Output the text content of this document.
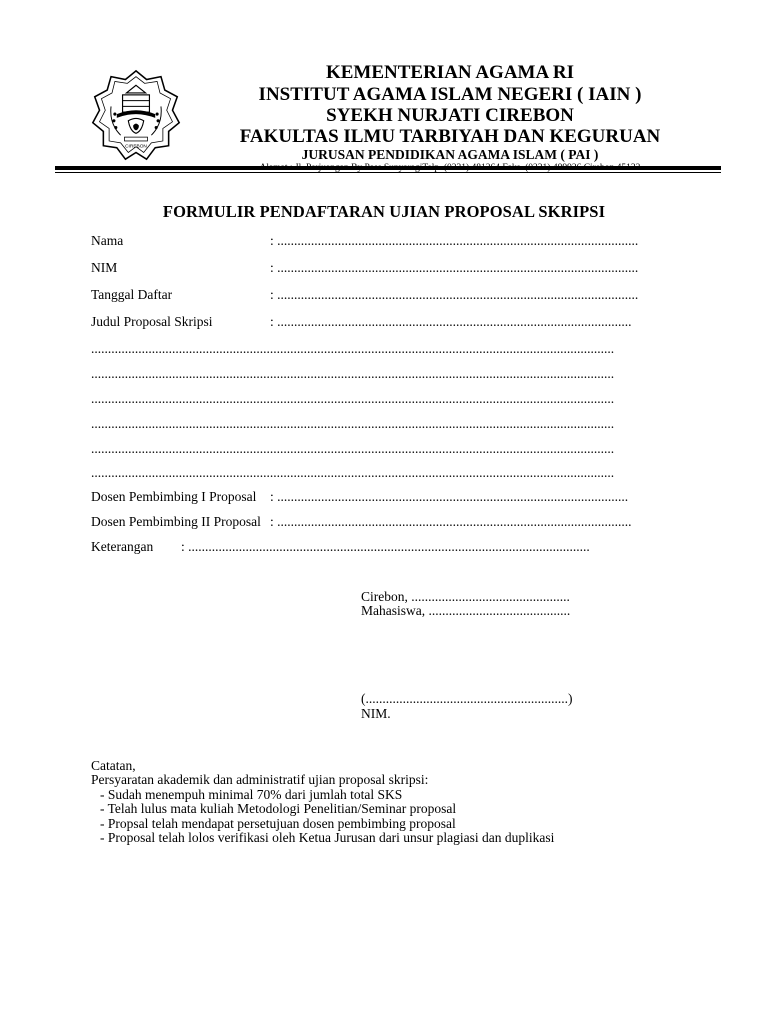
CIREBON
KEMENTERIAN AGAMA RI
INSTITUT AGAMA ISLAM NEGERI ( IAIN )
SYEKH NURJATI CIREBON
FAKULTAS ILMU TARBIYAH DAN KEGURUAN
JURUSAN PENDIDIKAN AGAMA ISLAM ( PAI )
FORMULIR PENDAFTARAN UJIAN PROPOSAL SKRIPSI
Nama	: ...........................................................................................................
NIM	: ...........................................................................................................
Tanggal Daftar	: ...........................................................................................................
Judul Proposal Skripsi	: .........................................................................................................
...........................................................................................................................................................
...........................................................................................................................................................
...........................................................................................................................................................
...........................................................................................................................................................
...........................................................................................................................................................
...........................................................................................................................................................
Dosen Pembimbing I Proposal : ........................................................................................................
Dosen Pembimbing II Proposal : .........................................................................................................
Keterangan : .......................................................................................................................
Cirebon, ...............................................
Mahasiswa, ..........................................
(............................................................)
NIM.
Catatan,
Persyaratan akademik dan administratif ujian proposal skripsi:
- Sudah menempuh minimal 70% dari jumlah total SKS
- Telah lulus mata kuliah Metodologi Penelitian/Seminar proposal
- Propsal telah mendapat persetujuan dosen pembimbing proposal
- Proposal telah lolos verifikasi oleh Ketua Jurusan dari unsur plagiasi dan duplikasi
